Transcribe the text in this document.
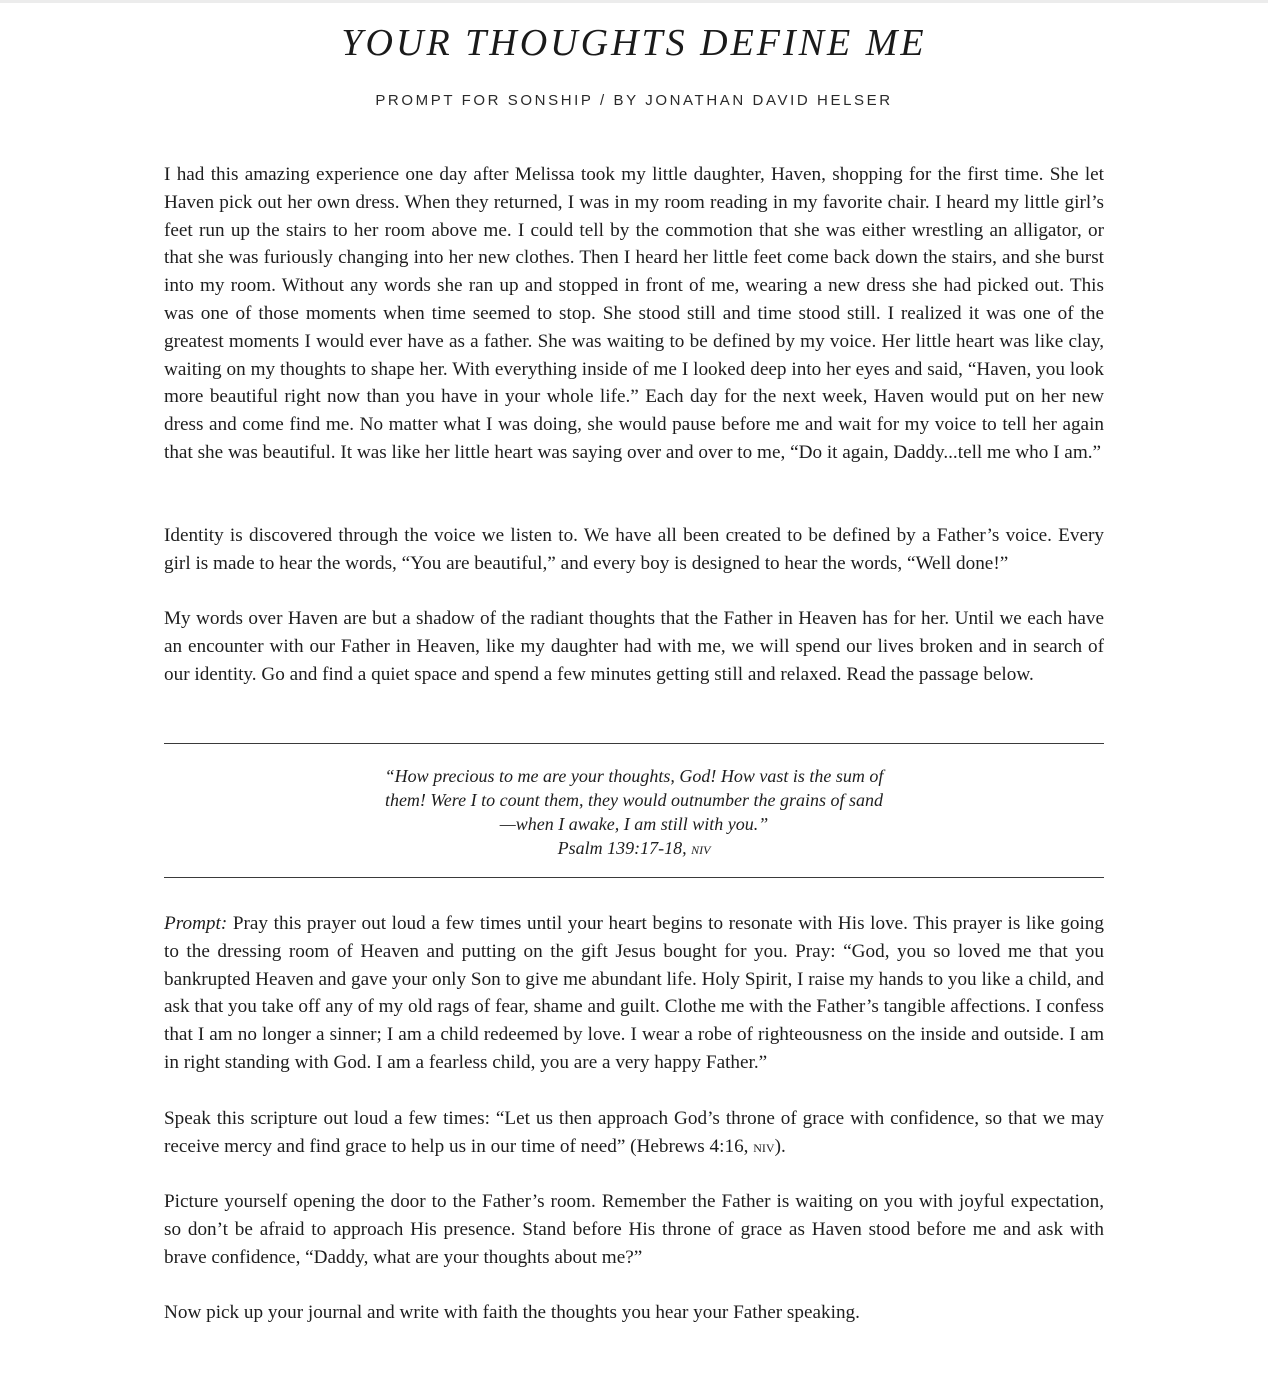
YOUR THOUGHTS DEFINE ME
PROMPT FOR SONSHIP / BY JONATHAN DAVID HELSER

I had this amazing experience one day after Melissa took my little daughter, Haven, shopping for the first time. She let Haven pick out her own dress. When they returned, I was in my room reading in my favorite chair. I heard my little girl’s feet run up the stairs to her room above me. I could tell by the commotion that she was either wrestling an alligator, or that she was furiously changing into her new clothes. Then I heard her little feet come back down the stairs, and she burst into my room. Without any words she ran up and stopped in front of me, wearing a new dress she had picked out. This was one of those moments when time seemed to stop. She stood still and time stood still. I realized it was one of the greatest moments I would ever have as a father. She was waiting to be defined by my voice. Her little heart was like clay, waiting on my thoughts to shape her. With everything inside of me I looked deep into her eyes and said, “Haven, you look more beautiful right now than you have in your whole life.” Each day for the next week, Haven would put on her new dress and come find me. No matter what I was doing, she would pause before me and wait for my voice to tell her again that she was beautiful. It was like her little heart was saying over and over to me, “Do it again, Daddy...tell me who I am.”

Identity is discovered through the voice we listen to. We have all been created to be defined by a Father’s voice. Every girl is made to hear the words, “You are beautiful,” and every boy is designed to hear the words, “Well done!”

My words over Haven are but a shadow of the radiant thoughts that the Father in Heaven has for her. Until we each have an encounter with our Father in Heaven, like my daughter had with me, we will spend our lives broken and in search of our identity. Go and find a quiet space and spend a few minutes getting still and relaxed. Read the passage below.

“How precious to me are your thoughts, God! How vast is the sum of them! Were I to count them, they would outnumber the grains of sand—when I awake, I am still with you.”
Psalm 139:17-18, niv

Prompt: Pray this prayer out loud a few times until your heart begins to resonate with His love. This prayer is like going to the dressing room of Heaven and putting on the gift Jesus bought for you. Pray: “God, you so loved me that you bankrupted Heaven and gave your only Son to give me abundant life. Holy Spirit, I raise my hands to you like a child, and ask that you take off any of my old rags of fear, shame and guilt. Clothe me with the Father’s tangible affections. I confess that I am no longer a sinner; I am a child redeemed by love. I wear a robe of righteousness on the inside and outside. I am in right standing with God. I am a fearless child, you are a very happy Father.”

Speak this scripture out loud a few times: “Let us then approach God’s throne of grace with confidence, so that we may receive mercy and find grace to help us in our time of need” (Hebrews 4:16, niv).

Picture yourself opening the door to the Father’s room. Remember the Father is waiting on you with joyful expectation, so don’t be afraid to approach His presence. Stand before His throne of grace as Haven stood before me and ask with brave confidence, “Daddy, what are your thoughts about me?”

Now pick up your journal and write with faith the thoughts you hear your Father speaking.
